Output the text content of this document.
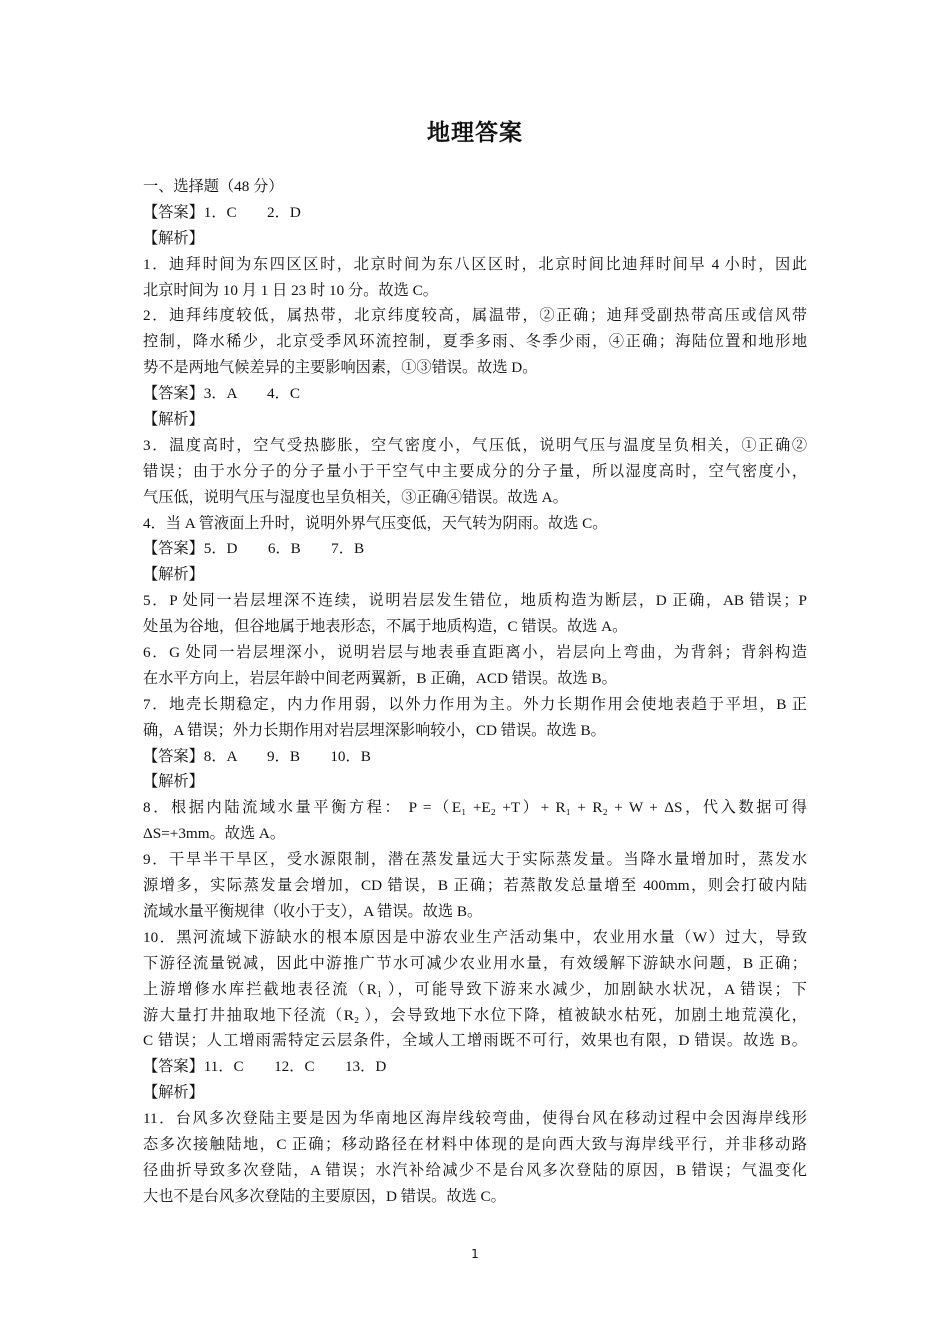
地理答案
一、选择题（48 分）
【答案】1．C　　2．D
【解析】
1．迪拜时间为东四区区时，北京时间为东八区区时，北京时间比迪拜时间早 4 小时，因此
北京时间为 10 月 1 日 23 时 10 分。故选 C。
2．迪拜纬度较低，属热带，北京纬度较高，属温带，②正确；迪拜受副热带高压或信风带
控制，降水稀少，北京受季风环流控制，夏季多雨、冬季少雨，④正确；海陆位置和地形地
势不是两地气候差异的主要影响因素，①③错误。故选 D。
【答案】3．A　　4．C
【解析】
3．温度高时，空气受热膨胀，空气密度小，气压低，说明气压与温度呈负相关，①正确②
错误；由于水分子的分子量小于干空气中主要成分的分子量，所以湿度高时，空气密度小，
气压低，说明气压与湿度也呈负相关，③正确④错误。故选 A。
4．当 A 管液面上升时，说明外界气压变低，天气转为阴雨。故选 C。
【答案】5．D　　6．B　　7．B
【解析】
5．P 处同一岩层埋深不连续，说明岩层发生错位，地质构造为断层，D 正确，AB 错误；P
处虽为谷地，但谷地属于地表形态，不属于地质构造，C 错误。故选 A。
6．G 处同一岩层埋深小，说明岩层与地表垂直距离小，岩层向上弯曲，为背斜；背斜构造
在水平方向上，岩层年龄中间老两翼新，B 正确，ACD 错误。故选 B。
7．地壳长期稳定，内力作用弱，以外力作用为主。外力长期作用会使地表趋于平坦，B 正
确，A 错误；外力长期作用对岩层埋深影响较小，CD 错误。故选 B。
【答案】8．A　　9．B　　10．B
【解析】
8．根据内陆流域水量平衡方程： P =（E₁ +E₂ +T）+ R₁ + R₂ + W + ΔS，代入数据可得
ΔS=+3mm。故选 A。
9．干旱半干旱区，受水源限制，潜在蒸发量远大于实际蒸发量。当降水量增加时，蒸发水
源增多，实际蒸发量会增加，CD 错误，B 正确；若蒸散发总量增至 400mm，则会打破内陆
流域水量平衡规律（收小于支），A 错误。故选 B。
10．黑河流域下游缺水的根本原因是中游农业生产活动集中，农业用水量（W）过大，导致
下游径流量锐减，因此中游推广节水可减少农业用水量，有效缓解下游缺水问题，B 正确；
上游增修水库拦截地表径流（R₁ ），可能导致下游来水减少，加剧缺水状况，A 错误；下
游大量打井抽取地下径流（R₂ ），会导致地下水位下降，植被缺水枯死，加剧土地荒漠化，
C 错误；人工增雨需特定云层条件，全域人工增雨既不可行，效果也有限，D 错误。故选 B。
【答案】11．C　　12．C　　13．D
【解析】
11．台风多次登陆主要是因为华南地区海岸线较弯曲，使得台风在移动过程中会因海岸线形
态多次接触陆地，C 正确；移动路径在材料中体现的是向西大致与海岸线平行，并非移动路
径曲折导致多次登陆，A 错误；水汽补给减少不是台风多次登陆的原因，B 错误；气温变化
大也不是台风多次登陆的主要原因，D 错误。故选 C。
1
